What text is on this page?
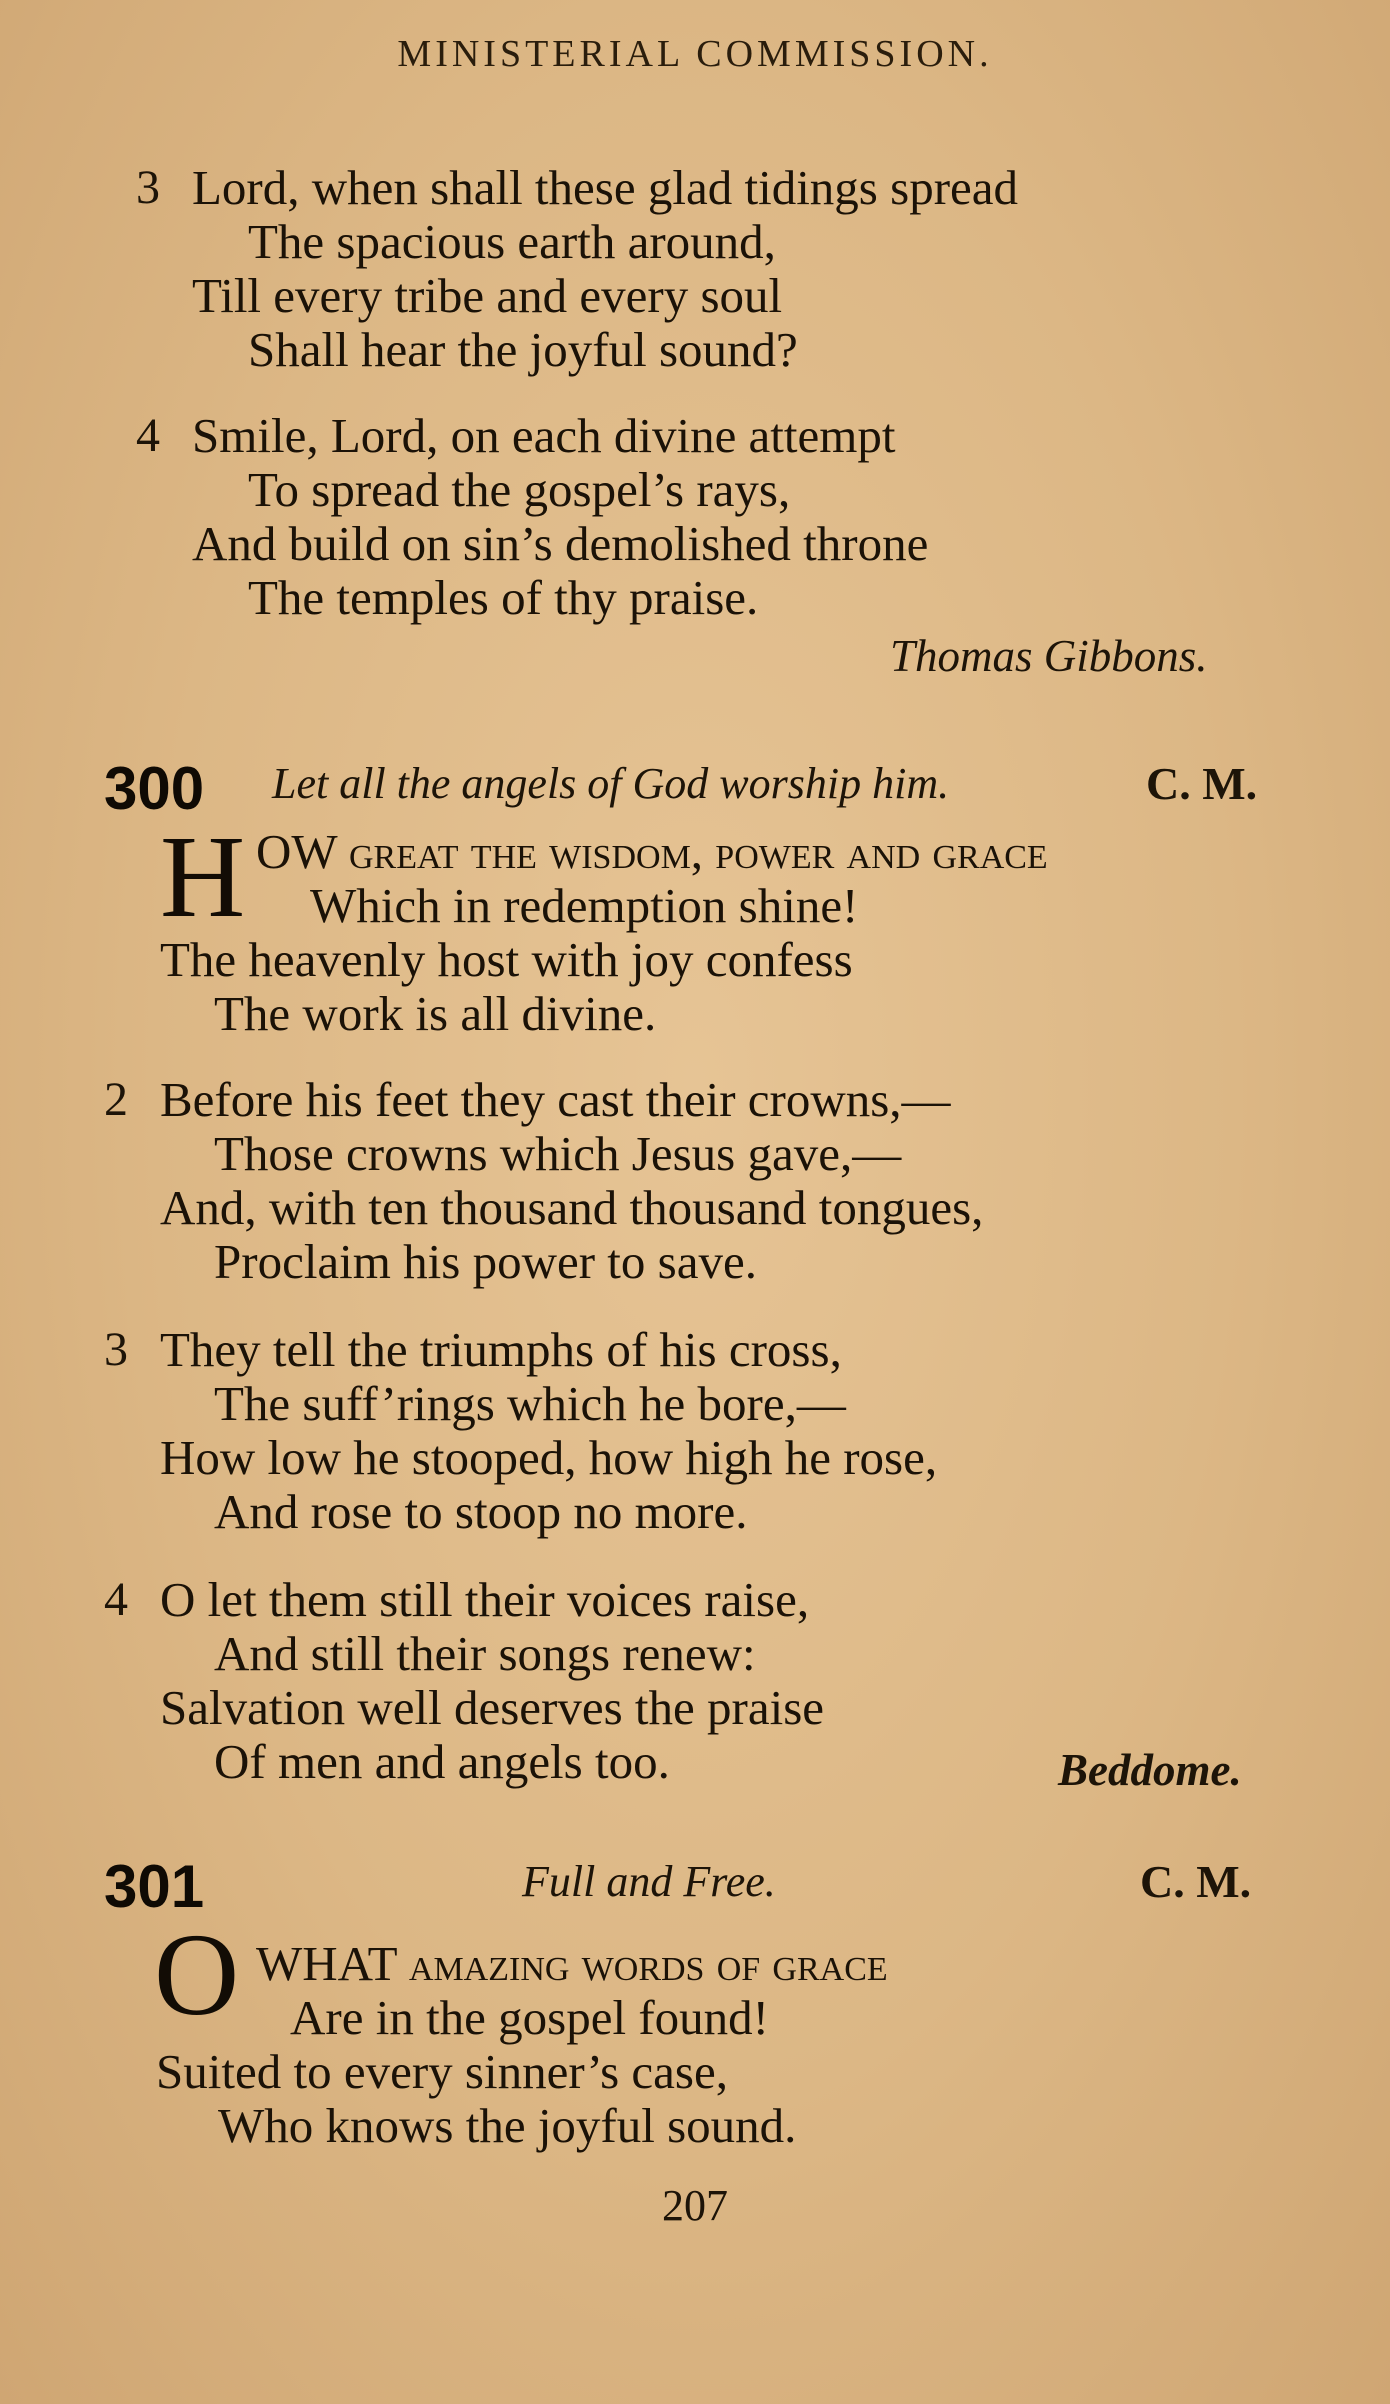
MINISTERIAL COMMISSION.
3 Lord, when shall these glad tidings spread
The spacious earth around,
Till every tribe and every soul
Shall hear the joyful sound?
4 Smile, Lord, on each divine attempt
To spread the gospel’s rays,
And build on sin’s demolished throne
The temples of thy praise.
Thomas Gibbons.
300 Let all the angels of God worship him.	C. M.
H OW great the wisdom, power and grace
Which in redemption shine!
The heavenly host with joy confess
The work is all divine.
2 Before his feet they cast their crowns,—
Those crowns which Jesus gave,—
And, with ten thousand thousand tongues,
Proclaim his power to save.
3 They tell the triumphs of his cross,
The suff’rings which he bore,—
How low he stooped, how high he rose,
And rose to stoop no more.
4 O let them still their voices raise,
And still their songs renew:
Salvation well deserves the praise
Of men and angels too.	Beddome.
301	Full and Free.	C. M.
O WHAT amazing words of grace
Are in the gospel found!
Suited to every sinner’s case,
Who knows the joyful sound.
207
